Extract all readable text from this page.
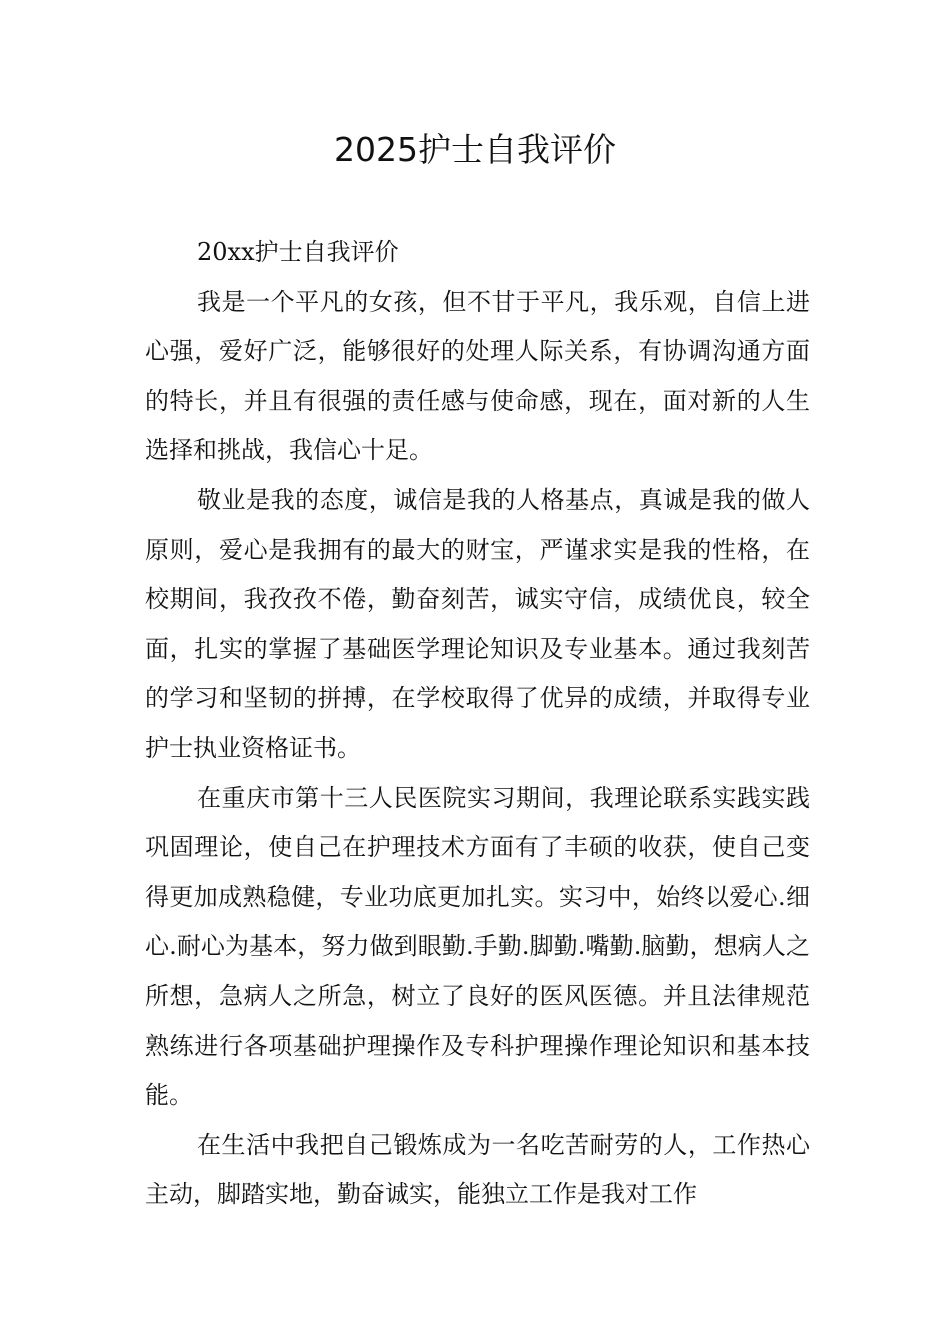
2025护士自我评价

20xx护士自我评价

我是一个平凡的女孩，但不甘于平凡，我乐观，自信上进心强，爱好广泛，能够很好的处理人际关系，有协调沟通方面的特长，并且有很强的责任感与使命感，现在，面对新的人生选择和挑战，我信心十足。

敬业是我的态度，诚信是我的人格基点，真诚是我的做人原则，爱心是我拥有的最大的财宝，严谨求实是我的性格，在校期间，我孜孜不倦，勤奋刻苦，诚实守信，成绩优良，较全面，扎实的掌握了基础医学理论知识及专业基本。通过我刻苦的学习和坚韧的拼搏，在学校取得了优异的成绩，并取得专业护士执业资格证书。

在重庆市第十三人民医院实习期间，我理论联系实践实践巩固理论，使自己在护理技术方面有了丰硕的收获，使自己变得更加成熟稳健，专业功底更加扎实。实习中，始终以爱心.细心.耐心为基本，努力做到眼勤.手勤.脚勤.嘴勤.脑勤，想病人之所想，急病人之所急，树立了良好的医风医德。并且法律规范熟练进行各项基础护理操作及专科护理操作理论知识和基本技能。

在生活中我把自己锻炼成为一名吃苦耐劳的人，工作热心主动，脚踏实地，勤奋诚实，能独立工作是我对工作
